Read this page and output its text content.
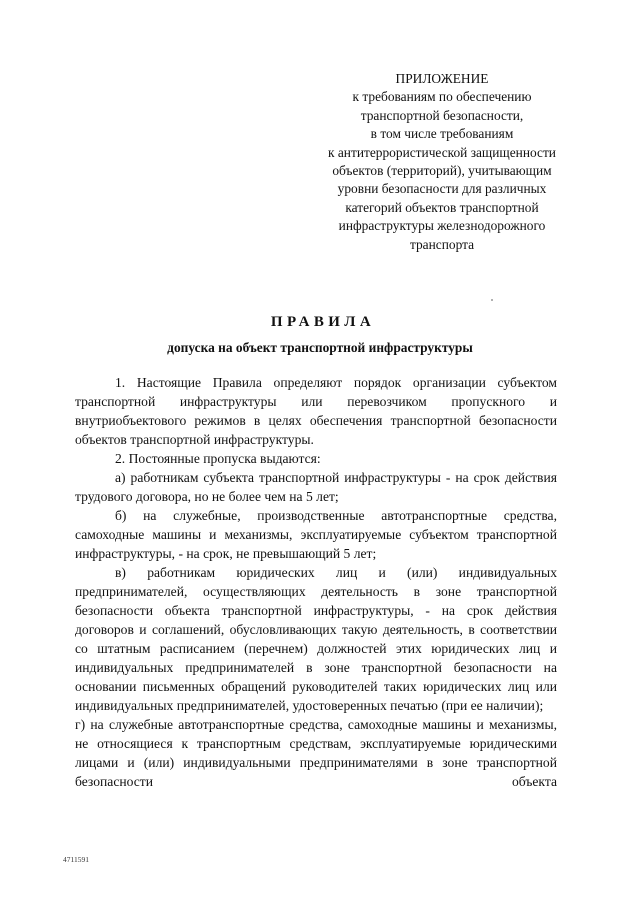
ПРИЛОЖЕНИЕ
к требованиям по обеспечению
транспортной безопасности,
в том числе требованиям
к антитеррористической защищенности
объектов (территорий), учитывающим
уровни безопасности для различных
категорий объектов транспортной
инфраструктуры железнодорожного
транспорта
ПРАВИЛА
допуска на объект транспортной инфраструктуры

1. Настоящие Правила определяют порядок организации субъектом транспортной инфраструктуры или перевозчиком пропускного и внутриобъектового режимов в целях обеспечения транспортной безопасности объектов транспортной инфраструктуры.

2. Постоянные пропуска выдаются:

а) работникам субъекта транспортной инфраструктуры - на срок действия трудового договора, но не более чем на 5 лет;

б) на служебные, производственные автотранспортные средства, самоходные машины и механизмы, эксплуатируемые субъектом транспортной инфраструктуры, - на срок, не превышающий 5 лет;

в) работникам юридических лиц и (или) индивидуальных предпринимателей, осуществляющих деятельность в зоне транспортной безопасности объекта транспортной инфраструктуры, - на срок действия договоров и соглашений, обусловливающих такую деятельность, в соответствии со штатным расписанием (перечнем) должностей этих юридических лиц и индивидуальных предпринимателей в зоне транспортной безопасности на основании письменных обращений руководителей таких юридических лиц или индивидуальных предпринимателей, удостоверенных печатью (при ее наличии);

г) на служебные автотранспортные средства, самоходные машины и механизмы, не относящиеся к транспортным средствам, эксплуатируемые юридическими лицами и (или) индивидуальными предпринимателями в зоне транспортной безопасности объекта

4711591
